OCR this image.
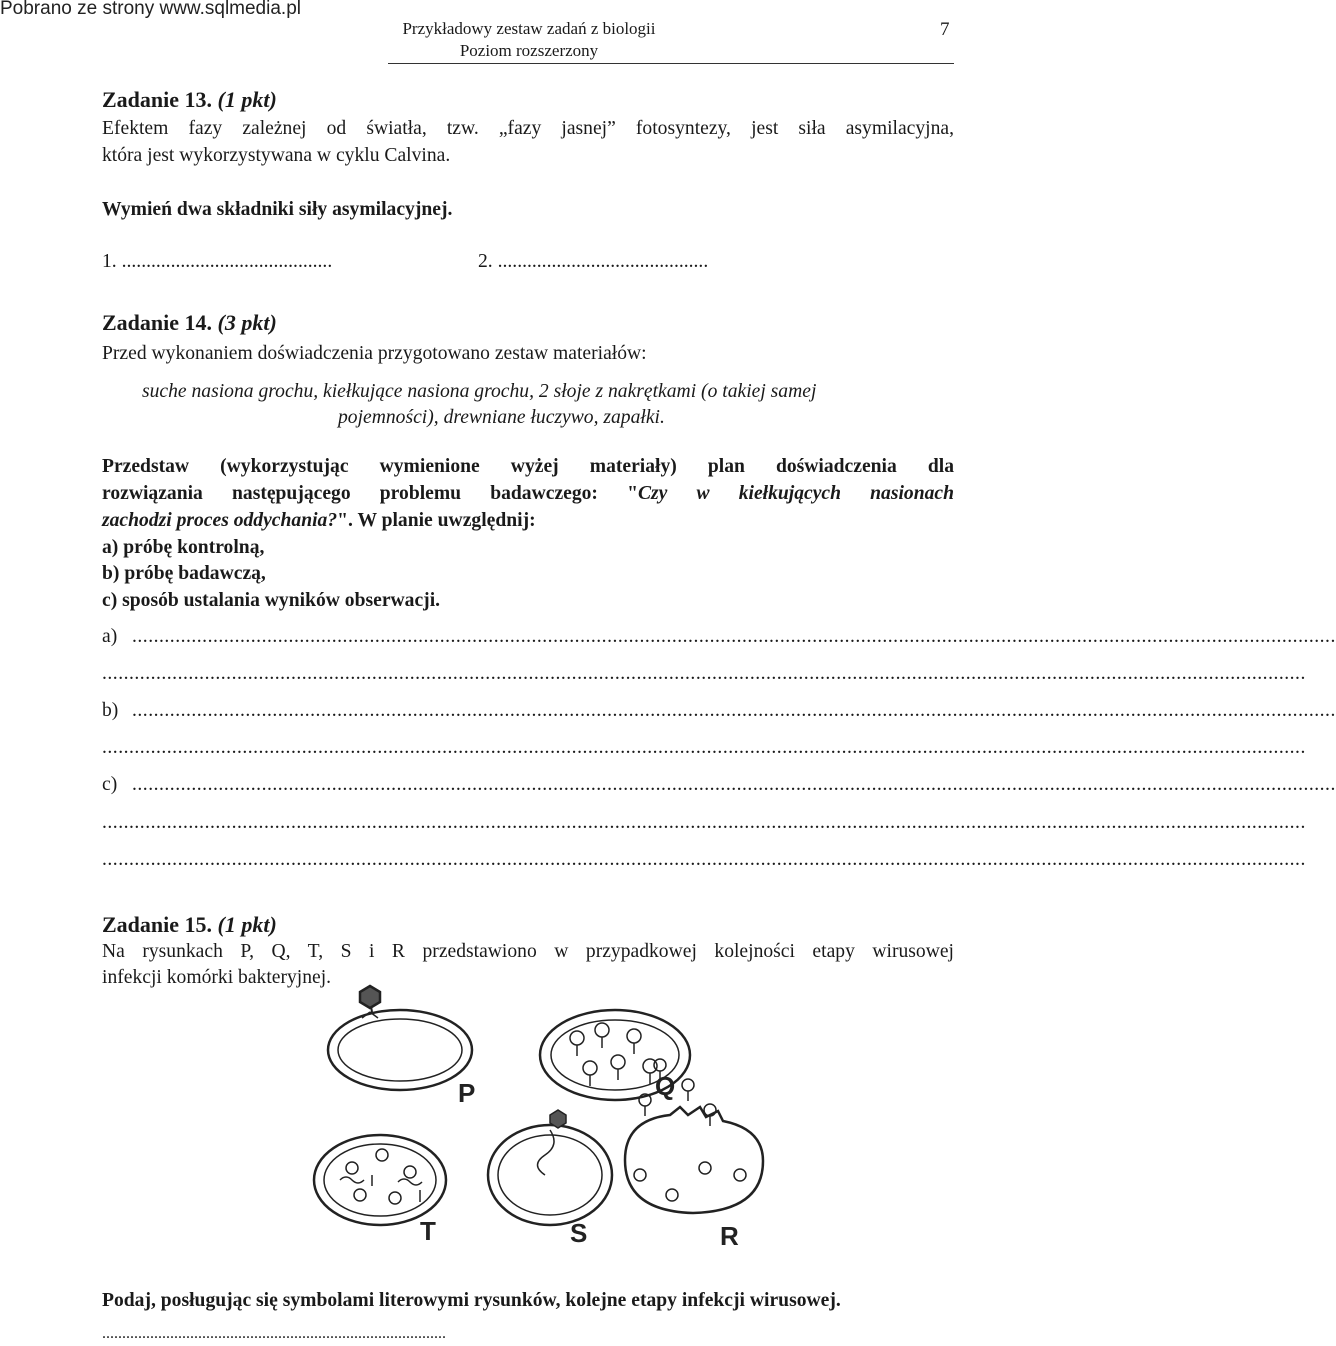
Pobrano ze strony www.sqlmedia.pl
Przykładowy zestaw zadań z biologii
Poziom rozszerzony
7
Zadanie 13. (1 pkt)
Efektem fazy zależnej od światła, tzw. „fazy jasnej” fotosyntezy, jest siła asymilacyjna,
która jest wykorzystywana w cyklu Calvina.
Wymień dwa składniki siły asymilacyjnej.
1. ...........................................	2. ...........................................
Zadanie 14. (3 pkt)
Przed wykonaniem doświadczenia przygotowano zestaw materiałów:
suche nasiona grochu, kiełkujące nasiona grochu, 2 słoje z nakrętkami (o takiej samej
pojemności), drewniane łuczywo, zapałki.
Przedstaw (wykorzystując wymienione wyżej materiały) plan doświadczenia dla
rozwiązania następującego problemu badawczego: "Czy w kiełkujących nasionach
zachodzi proces oddychania?". W planie uwzględnij:
a) próbę kontrolną,
b) próbę badawczą,
c) sposób ustalania wyników obserwacji.
a) ...............................................................................................................................................................................................................................
...............................................................................................................................................................................................................................
b) ...............................................................................................................................................................................................................................
...............................................................................................................................................................................................................................
c) ...............................................................................................................................................................................................................................
...............................................................................................................................................................................................................................
...............................................................................................................................................................................................................................
Zadanie 15. (1 pkt)
Na rysunkach P, Q, T, S i R przedstawiono w przypadkowej kolejności etapy wirusowej
infekcji komórki bakteryjnej.
P	Q
T	S	R
Podaj, posługując się symbolami literowymi rysunków, kolejne etapy infekcji wirusowej.
......................................................................................
